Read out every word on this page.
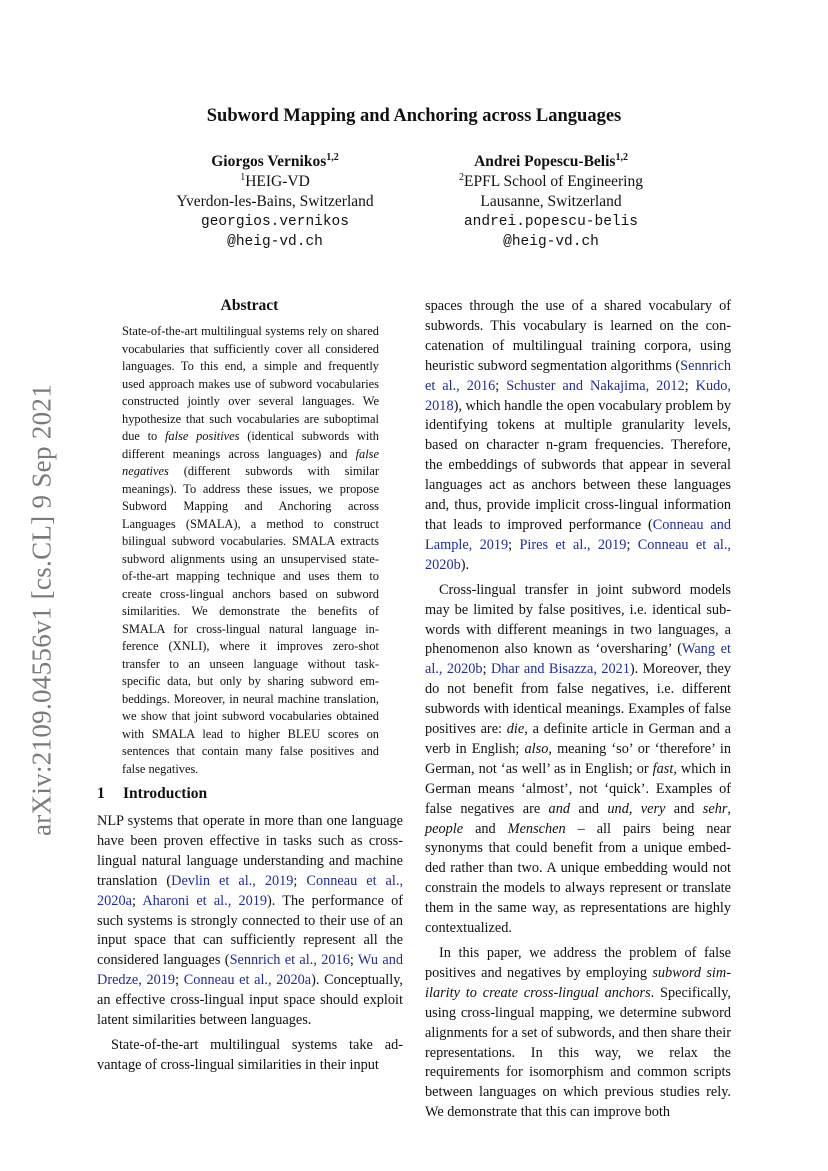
arXiv:2109.04556v1 [cs.CL] 9 Sep 2021
Subword Mapping and Anchoring across Languages
Giorgos Vernikos$^{1,2}$
$^1$HEIG-VD
Yverdon-les-Bains, Switzerland
georgios.vernikos
@heig-vd.ch
Andrei Popescu-Belis$^{1,2}$
$^2$EPFL School of Engineering
Lausanne, Switzerland
andrei.popescu-belis
@heig-vd.ch
Abstract

State-of-the-art multilingual systems rely on shared vocabularies that sufficiently cover all considered languages. To this end, a simple and frequently used approach makes use of subword vocabularies constructed jointly over several languages. We hypothesize that such vocabularies are suboptimal due to false positives (identical subwords with different meanings across languages) and false negatives (different subwords with similar meanings). To address these issues, we propose Subword Mapping and Anchoring across Languages (SMALA), a method to construct bilingual subword vocabularies. SMALA extracts subword alignments using an unsupervised state-of-the-art mapping technique and uses them to create cross-lingual anchors based on subword similarities. We demonstrate the benefits of SMALA for cross-lingual natural language inference (XNLI), where it improves zero-shot transfer to an unseen language without task-specific data, but only by sharing subword embeddings. Moreover, in neural machine translation, we show that joint subword vocabularies obtained with SMALA lead to higher BLEU scores on sentences that contain many false positives and false negatives.

1 Introduction

NLP systems that operate in more than one language have been proven effective in tasks such as cross-lingual natural language understanding and machine translation (Devlin et al., 2019; Conneau et al., 2020a; Aharoni et al., 2019). The performance of such systems is strongly connected to their use of an input space that can sufficiently represent all the considered languages (Sennrich et al., 2016; Wu and Dredze, 2019; Conneau et al., 2020a). Conceptually, an effective cross-lingual input space should exploit latent similarities between languages.

State-of-the-art multilingual systems take advantage of cross-lingual similarities in their input

spaces through the use of a shared vocabulary of subwords. This vocabulary is learned on the concatenation of multilingual training corpora, using heuristic subword segmentation algorithms (Sennrich et al., 2016; Schuster and Nakajima, 2012; Kudo, 2018), which handle the open vocabulary problem by identifying tokens at multiple granularity levels, based on character n-gram frequencies. Therefore, the embeddings of subwords that appear in several languages act as anchors between these languages and, thus, provide implicit cross-lingual information that leads to improved performance (Conneau and Lample, 2019; Pires et al., 2019; Conneau et al., 2020b).

Cross-lingual transfer in joint subword models may be limited by false positives, i.e. identical subwords with different meanings in two languages, a phenomenon also known as ‘oversharing’ (Wang et al., 2020b; Dhar and Bisazza, 2021). Moreover, they do not benefit from false negatives, i.e. different subwords with identical meanings. Examples of false positives are: die, a definite article in German and a verb in English; also, meaning ‘so’ or ‘therefore’ in German, not ‘as well’ as in English; or fast, which in German means ‘almost’, not ‘quick’. Examples of false negatives are and and und, very and sehr, people and Menschen – all pairs being near synonyms that could benefit from a unique embedded rather than two. A unique embedding would not constrain the models to always represent or translate them in the same way, as representations are highly contextualized.

In this paper, we address the problem of false positives and negatives by employing subword similarity to create cross-lingual anchors. Specifically, using cross-lingual mapping, we determine subword alignments for a set of subwords, and then share their representations. In this way, we relax the requirements for isomorphism and common scripts between languages on which previous studies rely. We demonstrate that this can improve both
